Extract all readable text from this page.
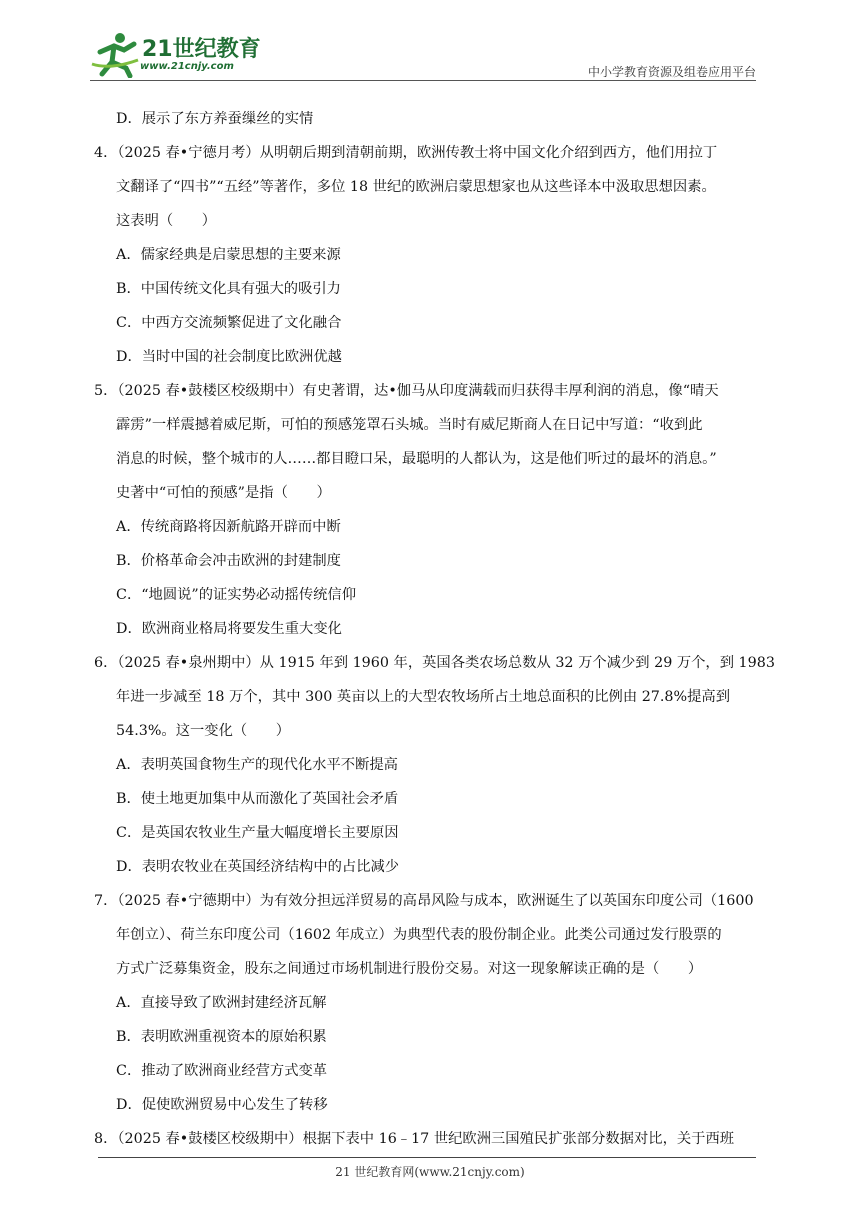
21世纪教育
www.21cnjy.com	中小学教育资源及组卷应用平台
D．展示了东方养蚕缫丝的实情
4．（2025 春•宁德月考）从明朝后期到清朝前期，欧洲传教士将中国文化介绍到西方，他们用拉丁
文翻译了“四书”“五经”等著作，多位 18 世纪的欧洲启蒙思想家也从这些译本中汲取思想因素。
这表明（　　）
A．儒家经典是启蒙思想的主要来源
B．中国传统文化具有强大的吸引力
C．中西方交流频繁促进了文化融合
D．当时中国的社会制度比欧洲优越
5．（2025 春•鼓楼区校级期中）有史著谓，达•伽马从印度满载而归获得丰厚利润的消息，像“晴天
霹雳”一样震撼着威尼斯，可怕的预感笼罩石头城。当时有威尼斯商人在日记中写道：“收到此
消息的时候，整个城市的人……都目瞪口呆，最聪明的人都认为，这是他们听过的最坏的消息。”
史著中“可怕的预感”是指（　　）
A．传统商路将因新航路开辟而中断
B．价格革命会冲击欧洲的封建制度
C．“地圆说”的证实势必动摇传统信仰
D．欧洲商业格局将要发生重大变化
6．（2025 春•泉州期中）从 1915 年到 1960 年，英国各类农场总数从 32 万个减少到 29 万个，到 1983
年进一步减至 18 万个，其中 300 英亩以上的大型农牧场所占土地总面积的比例由 27.8%提高到
54.3%。这一变化（　　）
A．表明英国食物生产的现代化水平不断提高
B．使土地更加集中从而激化了英国社会矛盾
C．是英国农牧业生产量大幅度增长主要原因
D．表明农牧业在英国经济结构中的占比减少
7．（2025 春•宁德期中）为有效分担远洋贸易的高昂风险与成本，欧洲诞生了以英国东印度公司（1600
年创立）、荷兰东印度公司（1602 年成立）为典型代表的股份制企业。此类公司通过发行股票的
方式广泛募集资金，股东之间通过市场机制进行股份交易。对这一现象解读正确的是（　　）
A．直接导致了欧洲封建经济瓦解
B．表明欧洲重视资本的原始积累
C．推动了欧洲商业经营方式变革
D．促使欧洲贸易中心发生了转移
8．（2025 春•鼓楼区校级期中）根据下表中 16﹣17 世纪欧洲三国殖民扩张部分数据对比，关于西班
21 世纪教育网(www.21cnjy.com)
